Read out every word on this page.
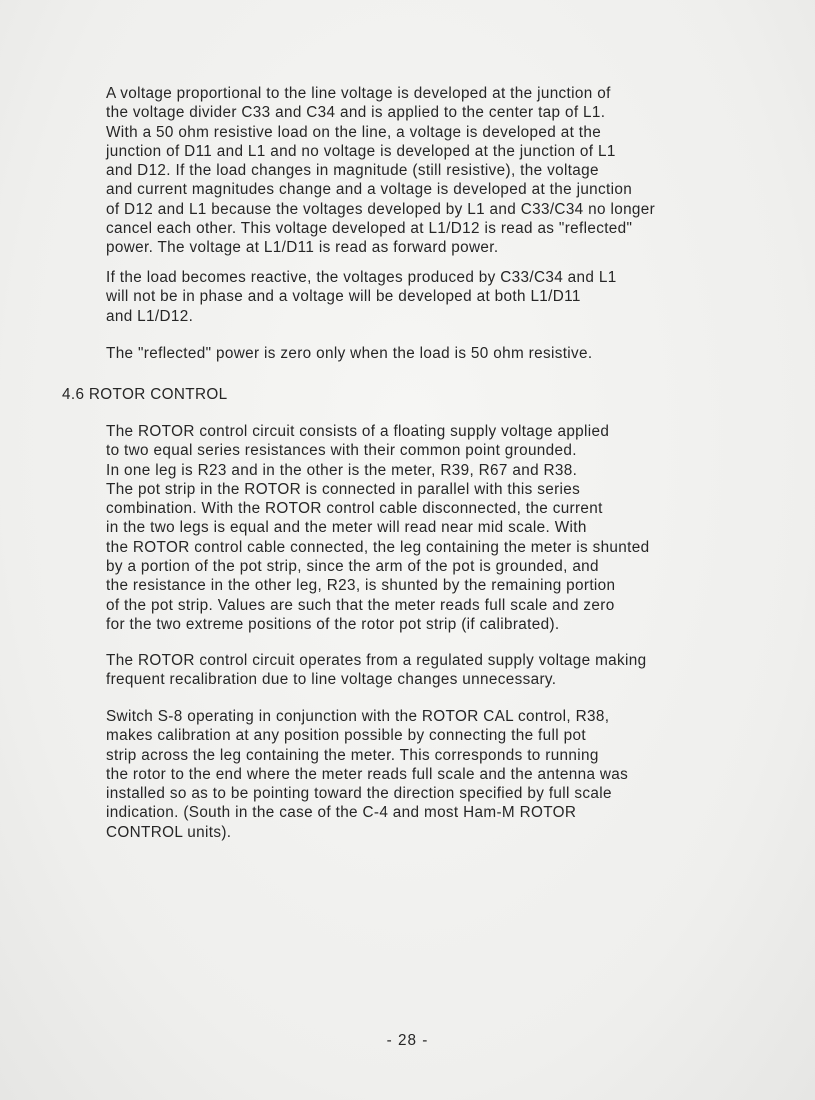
A voltage proportional to the line voltage is developed at the junction of
the voltage divider C33 and C34 and is applied to the center tap of L1.
With a 50 ohm resistive load on the line, a voltage is developed at the
junction of D11 and L1 and no voltage is developed at the junction of L1
and D12. If the load changes in magnitude (still resistive), the voltage
and current magnitudes change and a voltage is developed at the junction
of D12 and L1 because the voltages developed by L1 and C33/C34 no longer
cancel each other. This voltage developed at L1/D12 is read as "reflected"
power. The voltage at L1/D11 is read as forward power.
If the load becomes reactive, the voltages produced by C33/C34 and L1
will not be in phase and a voltage will be developed at both L1/D11
and L1/D12.
The "reflected" power is zero only when the load is 50 ohm resistive.
4.6 ROTOR CONTROL
The ROTOR control circuit consists of a floating supply voltage applied
to two equal series resistances with their common point grounded.
In one leg is R23 and in the other is the meter, R39, R67 and R38.
The pot strip in the ROTOR is connected in parallel with this series
combination. With the ROTOR control cable disconnected, the current
in the two legs is equal and the meter will read near mid scale. With
the ROTOR control cable connected, the leg containing the meter is shunted
by a portion of the pot strip, since the arm of the pot is grounded, and
the resistance in the other leg, R23, is shunted by the remaining portion
of the pot strip. Values are such that the meter reads full scale and zero
for the two extreme positions of the rotor pot strip (if calibrated).
The ROTOR control circuit operates from a regulated supply voltage making
frequent recalibration due to line voltage changes unnecessary.
Switch S-8 operating in conjunction with the ROTOR CAL control, R38,
makes calibration at any position possible by connecting the full pot
strip across the leg containing the meter. This corresponds to running
the rotor to the end where the meter reads full scale and the antenna was
installed so as to be pointing toward the direction specified by full scale
indication. (South in the case of the C-4 and most Ham-M ROTOR
CONTROL units).
- 28 -
